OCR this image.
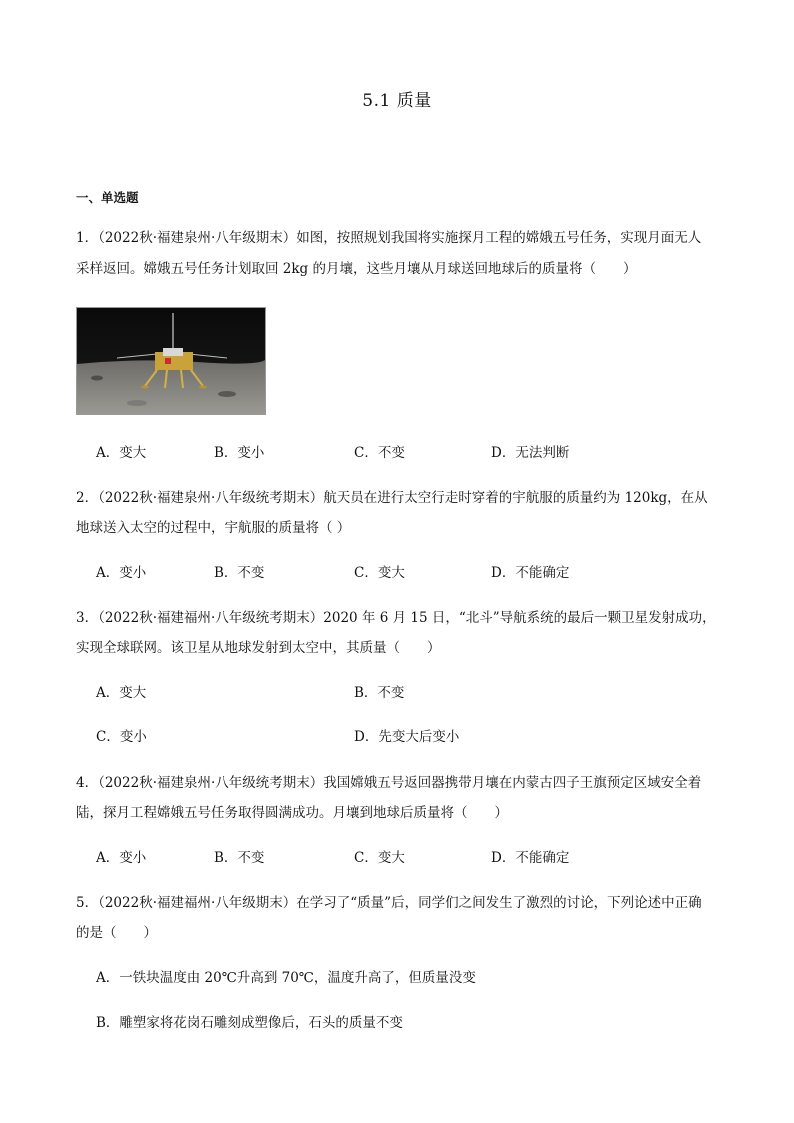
5.1 质量
一、单选题
1．（2022秋·福建泉州·八年级期末）如图，按照规划我国将实施探月工程的嫦娥五号任务，实现月面无人
采样返回。嫦娥五号任务计划取回 2kg 的月壤，这些月壤从月球送回地球后的质量将（　　）
A．变大	B．变小	C．不变	D．无法判断
2．（2022秋·福建泉州·八年级统考期末）航天员在进行太空行走时穿着的宇航服的质量约为 120kg，在从
地球送入太空的过程中，宇航服的质量将（ ）
A．变小	B．不变	C．变大	D．不能确定
3．（2022秋·福建福州·八年级统考期末）2020 年 6 月 15 日，“北斗”导航系统的最后一颗卫星发射成功，
实现全球联网。该卫星从地球发射到太空中，其质量（　　）
A．变大	B．不变
C．变小	D．先变大后变小
4．（2022秋·福建泉州·八年级统考期末）我国嫦娥五号返回器携带月壤在内蒙古四子王旗预定区域安全着
陆，探月工程嫦娥五号任务取得圆满成功。月壤到地球后质量将（　　）
A．变小	B．不变	C．变大	D．不能确定
5．（2022秋·福建福州·八年级期末）在学习了“质量”后，同学们之间发生了激烈的讨论，下列论述中正确
的是（　　）
A．一铁块温度由 20℃升高到 70℃，温度升高了，但质量没变
B．雕塑家将花岗石雕刻成塑像后，石头的质量不变
